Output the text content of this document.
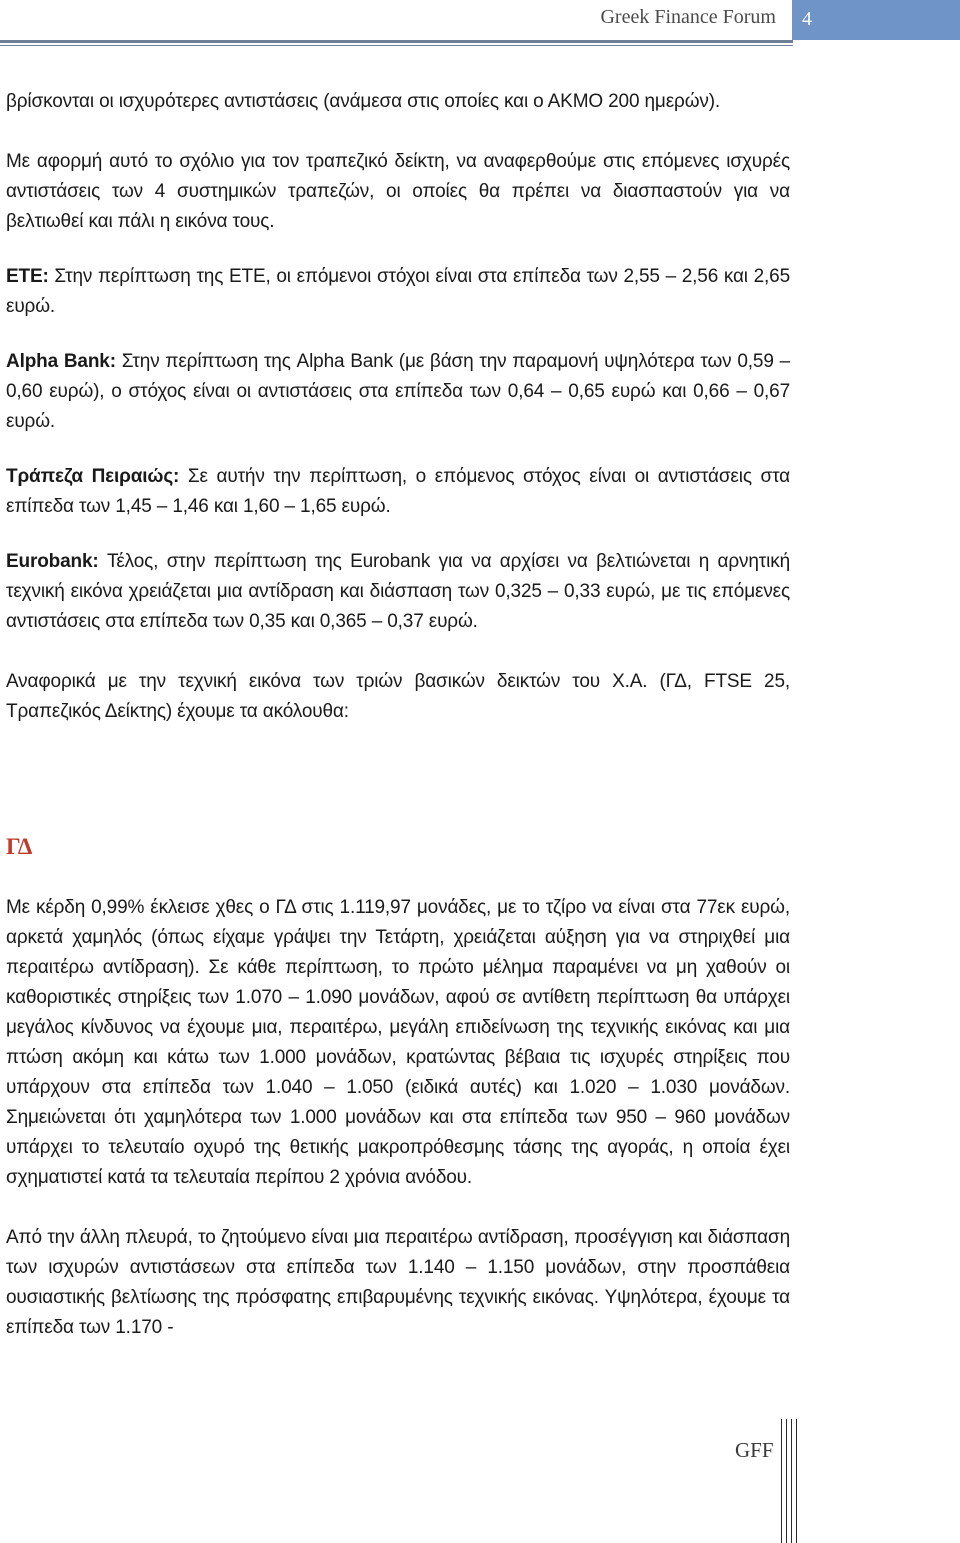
Greek Finance Forum	4

βρίσκονται οι ισχυρότερες αντιστάσεις (ανάμεσα στις οποίες και ο ΑΚΜΟ 200 ημερών).

Με αφορμή αυτό το σχόλιο για τον τραπεζικό δείκτη, να αναφερθούμε στις επόμενες ισχυρές αντιστάσεις των 4 συστημικών τραπεζών, οι οποίες θα πρέπει να διασπαστούν για να βελτιωθεί και πάλι η εικόνα τους.

ΕΤΕ: Στην περίπτωση της ΕΤΕ, οι επόμενοι στόχοι είναι στα επίπεδα των 2,55 – 2,56 και 2,65 ευρώ.

Alpha Bank: Στην περίπτωση της Alpha Bank (με βάση την παραμονή υψηλότερα των 0,59 – 0,60 ευρώ), ο στόχος είναι οι αντιστάσεις στα επίπεδα των 0,64 – 0,65 ευρώ και 0,66 – 0,67 ευρώ.

Τράπεζα Πειραιώς: Σε αυτήν την περίπτωση, ο επόμενος στόχος είναι οι αντιστάσεις στα επίπεδα των 1,45 – 1,46 και 1,60 – 1,65 ευρώ.

Eurobank: Τέλος, στην περίπτωση της Eurobank για να αρχίσει να βελτιώνεται η αρνητική τεχνική εικόνα χρειάζεται μια αντίδραση και διάσπαση των 0,325 – 0,33 ευρώ, με τις επόμενες αντιστάσεις στα επίπεδα των 0,35 και 0,365 – 0,37 ευρώ.

Αναφορικά με την τεχνική εικόνα των τριών βασικών δεικτών του Χ.Α. (ΓΔ, FTSE 25, Τραπεζικός Δείκτης) έχουμε τα ακόλουθα:

ΓΔ

Με κέρδη 0,99% έκλεισε χθες ο ΓΔ στις 1.119,97 μονάδες, με το τζίρο να είναι στα 77εκ ευρώ, αρκετά χαμηλός (όπως είχαμε γράψει την Τετάρτη, χρειάζεται αύξηση για να στηριχθεί μια περαιτέρω αντίδραση). Σε κάθε περίπτωση, το πρώτο μέλημα παραμένει να μη χαθούν οι καθοριστικές στηρίξεις των 1.070 – 1.090 μονάδων, αφού σε αντίθετη περίπτωση θα υπάρχει μεγάλος κίνδυνος να έχουμε μια, περαιτέρω, μεγάλη επιδείνωση της τεχνικής εικόνας και μια πτώση ακόμη και κάτω των 1.000 μονάδων, κρατώντας βέβαια τις ισχυρές στηρίξεις που υπάρχουν στα επίπεδα των 1.040 – 1.050 (ειδικά αυτές) και 1.020 – 1.030 μονάδων. Σημειώνεται ότι χαμηλότερα των 1.000 μονάδων και στα επίπεδα των 950 – 960 μονάδων υπάρχει το τελευταίο οχυρό της θετικής μακροπρόθεσμης τάσης της αγοράς, η οποία έχει σχηματιστεί κατά τα τελευταία περίπου 2 χρόνια ανόδου.

Από την άλλη πλευρά, το ζητούμενο είναι μια περαιτέρω αντίδραση, προσέγγιση και διάσπαση των ισχυρών αντιστάσεων στα επίπεδα των 1.140 – 1.150 μονάδων, στην προσπάθεια ουσιαστικής βελτίωσης της πρόσφατης επιβαρυμένης τεχνικής εικόνας. Υψηλότερα, έχουμε τα επίπεδα των 1.170 -

GFF
